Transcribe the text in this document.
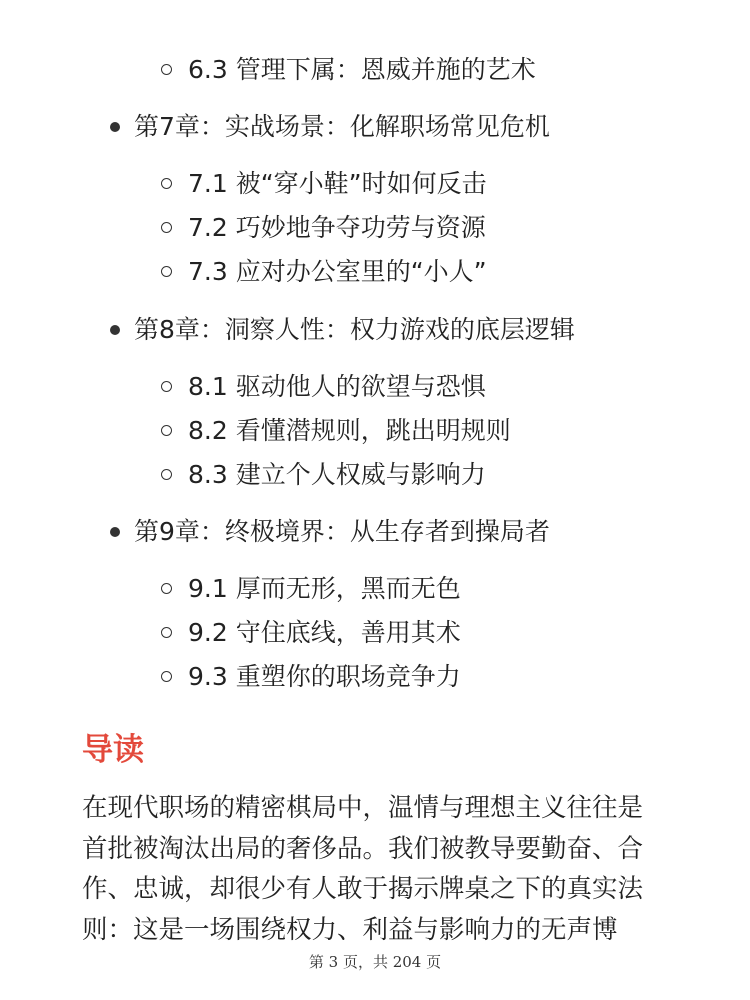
6.3 管理下属：恩威并施的艺术
第7章：实战场景：化解职场常见危机
7.1 被“穿小鞋”时如何反击
7.2 巧妙地争夺功劳与资源
7.3 应对办公室里的“小人”
第8章：洞察人性：权力游戏的底层逻辑
8.1 驱动他人的欲望与恐惧
8.2 看懂潜规则，跳出明规则
8.3 建立个人权威与影响力
第9章：终极境界：从生存者到操局者
9.1 厚而无形，黑而无色
9.2 守住底线，善用其术
9.3 重塑你的职场竞争力
导读

在现代职场的精密棋局中，温情与理想主义往往是
首批被淘汰出局的奢侈品。我们被教导要勤奋、合
作、忠诚，却很少有人敢于揭示牌桌之下的真实法
则：这是一场围绕权力、利益与影响力的无声博

第 3 页，共 204 页
